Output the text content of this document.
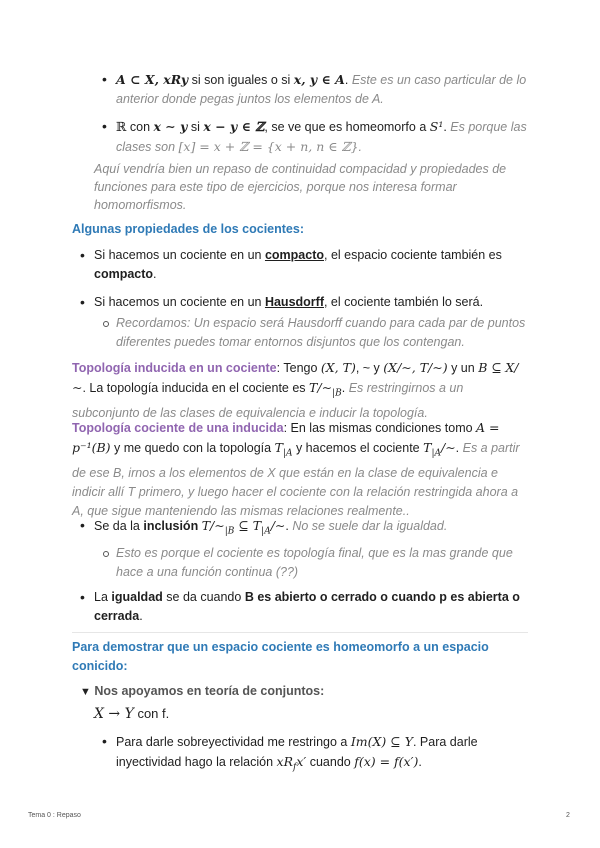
• A ⊂ X, xRy si son iguales o si x, y ∈ A. Este es un caso particular de lo anterior donde pegas juntos los elementos de A.
• ℝ con x ∼ y si x − y ∈ ℤ, se ve que es homeomorfo a S¹. Es porque las clases son [x] = x + ℤ = {x + n, n ∈ ℤ}.
Aquí vendría bien un repaso de continuidad compacidad y propiedades de funciones para este tipo de ejercicios, porque nos interesa formar homomorfismos.
Algunas propiedades de los cocientes:
• Si hacemos un cociente en un compacto, el espacio cociente también es compacto.
• Si hacemos un cociente en un Hausdorff, el cociente también lo será.
Recordamos: Un espacio será Hausdorff cuando para cada par de puntos diferentes puedes tomar entornos disjuntos que los contengan.
Topología inducida en un cociente: Tengo (X, T), ~ y (X/∼, T/∼) y un B ⊆ X/∼. La topología inducida en el cociente es $T/\sim_{|B}$. Es restringirnos a un subconjunto de las clases de equivalencia e inducir la topología.
Topología cociente de una inducida: En las mismas condiciones tomo A = p⁻¹(B) y me quedo con la topología $T_{|A}$ y hacemos el cociente $T_{|A}/\sim$. Es a partir de ese B, irnos a los elementos de X que están en la clase de equivalencia e indicir allí T primero, y luego hacer el cociente con la relación restringida ahora a A, que sigue manteniendo las mismas relaciones realmente..
• Se da la inclusión $T/\sim_{|B}$ ⊆ $T_{|A}/\sim$. No se suele dar la igualdad.
Esto es porque el cociente es topología final, que es la mas grande que hace a una función continua (??)
• La igualdad se da cuando B es abierto o cerrado o cuando p es abierta o cerrada.
Para demostrar que un espacio cociente es homeomorfo a un espacio conicido:
▼ Nos apoyamos en teoría de conjuntos:
X → Y con f.
• Para darle sobreyectividad me restringo a Im(X) ⊆ Y. Para darle inyectividad hago la relación $xR_fx'$ cuando f(x) = f(x′).
Tema 0 : Repaso	2
